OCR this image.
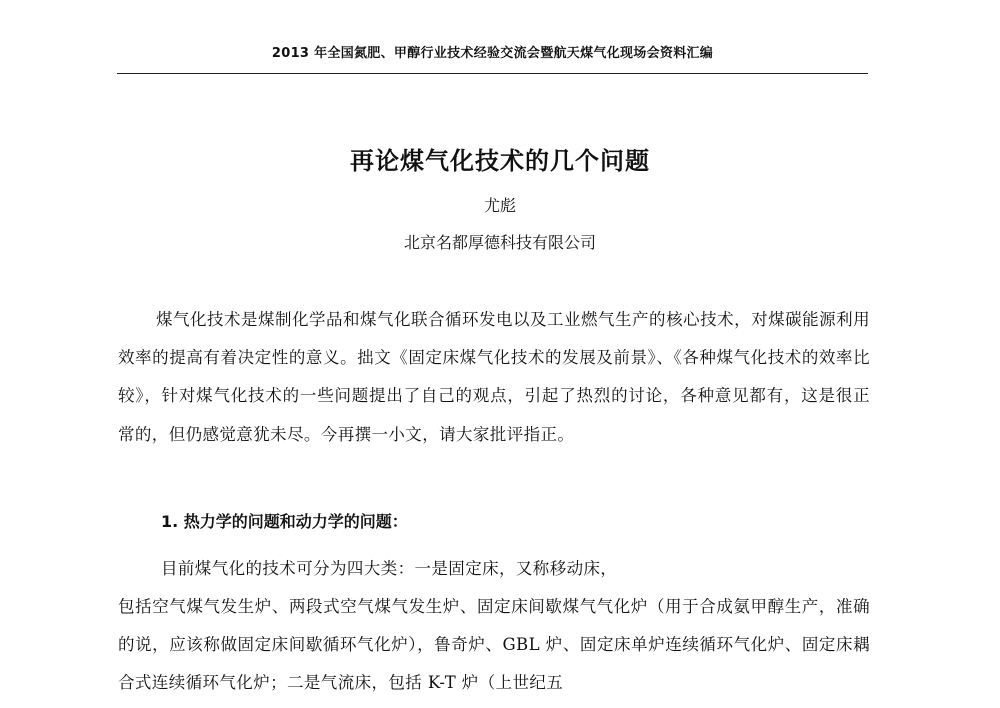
2013 年全国氮肥、甲醇行业技术经验交流会暨航天煤气化现场会资料汇编
再论煤气化技术的几个问题
尤彪
北京名都厚德科技有限公司
煤气化技术是煤制化学品和煤气化联合循环发电以及工业燃气生产的核心技术，对煤碳能源利用效率的提高有着决定性的意义。拙文《固定床煤气化技术的发展及前景》、《各种煤气化技术的效率比较》，针对煤气化技术的一些问题提出了自己的观点，引起了热烈的讨论，各种意见都有，这是很正常的，但仍感觉意犹未尽。今再撰一小文，请大家批评指正。
1. 热力学的问题和动力学的问题：
目前煤气化的技术可分为四大类：一是固定床，又称移动床，
包括空气煤气发生炉、两段式空气煤气发生炉、固定床间歇煤气气化炉（用于合成氨甲醇生产，准确的说，应该称做固定床间歇循环气化炉），鲁奇炉、GBL 炉、固定床单炉连续循环气化炉、固定床耦合式连续循环气化炉；二是气流床，包括 K-T 炉（上世纪五
